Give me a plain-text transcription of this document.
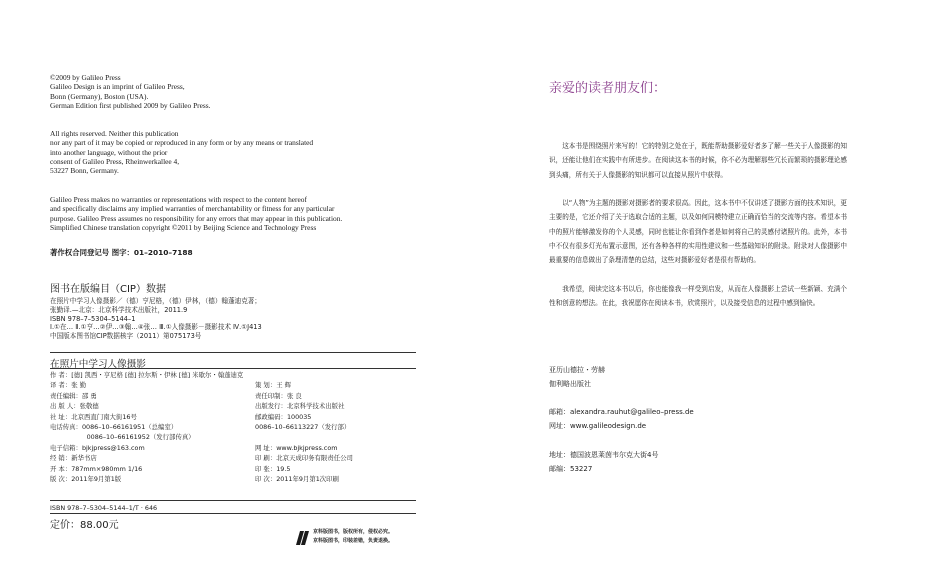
©2009 by Galileo Press
Galileo Design is an imprint of Galileo Press,
Bonn (Germany), Boston (USA).
German Edition first published 2009 by Galileo Press.
All rights reserved. Neither this publication
nor any part of it may be copied or reproduced in any form or by any means or translated
into another language, without the prior
consent of Galileo Press, Rheinwerkallee 4,
53227 Bonn, Germany.
Galileo Press makes no warranties or representations with respect to the content hereof
and specifically disclaims any implied warranties of merchantability or fitness for any particular
purpose. Galileo Press assumes no responsibility for any errors that may appear in this publication.
Simplified Chinese translation copyright ©2011 by Beijing Science and Technology Press
著作权合同登记号 图字：01–2010–7188
图书在版编目（CIP）数据
在照片中学习人像摄影／（德）亨尼格，（德）伊林，（德）翰蓬迪克著；
张勤译.—北京：北京科学技术出版社，2011.9
ISBN 978–7–5304–5144–1
Ⅰ.①在… Ⅱ.①亨…②伊…③翰…④张… Ⅲ.①人像摄影－摄影技术 Ⅳ.①J413
中国版本图书馆CIP数据核字（2011）第075173号
在照片中学习人像摄影
作 者：[德] 凯西・亨尼格 [德] 拉尔斯・伊林 [德] 米歇尔・翰蓬迪克
译 者：张 勤	策 划：王 辉
责任编辑：邵 勇	责任印制：张 良
出 版 人：张敬德	出版发行：北京科学技术出版社
社 址：北京西直门南大街16号	邮政编码：100035
电话传真：0086–10–66161951（总编室）	0086–10–66113227（发行部）
0086–10–66161952（发行部传真）
电子信箱：bjkjpress@163.com	网 址：www.bjkjpress.com
经 销：新华书店	印 刷：北京天成印务有限责任公司
开 本：787mm×980mm 1/16	印 张：19.5
版 次：2011年9月第1版	印 次：2011年9月第1次印刷
ISBN 978–7–5304–5144–1/T · 646
定价：88.00元
京科版图书，版权所有，侵权必究。
京科版图书，印装差错，负责退换。
亲爱的读者朋友们：
这本书是围绕照片来写的！它的特别之处在于，既能帮助摄影爱好者多了解一些关于人像摄影的知识，还能让他们在实践中有所进步。在阅读这本书的时候，你不必为理解那些冗长而繁琐的摄影理论感到头痛，所有关于人像摄影的知识都可以直接从照片中获得。
以“人物”为主题的摄影对摄影者的要求很高。因此，这本书中不仅讲述了摄影方面的技术知识，更主要的是，它还介绍了关于选取合适的主题，以及如何同模特建立正确而恰当的交流等内容。希望本书中的照片能够激发你的个人灵感，同时也能让你看到作者是如何将自己的灵感付诸照片的。此外，本书中不仅有很多灯光布置示意图，还有各种各样的实用性建议和一些基础知识的附录。附录对人像摄影中最重要的信息做出了条理清楚的总结，这些对摄影爱好者是很有帮助的。
我希望，阅读完这本书以后，你也能像我一样受到启发，从而在人像摄影上尝试一些新颖、充满个性和创意的想法。在此，我祝愿你在阅读本书，欣赏照片，以及接受信息的过程中感到愉快。
亚历山德拉・劳赫
伽利略出版社
邮箱：alexandra.rauhut@galileo–press.de
网址：www.galileodesign.de
地址：德国波恩莱茵韦尔克大街4号
邮编：53227
